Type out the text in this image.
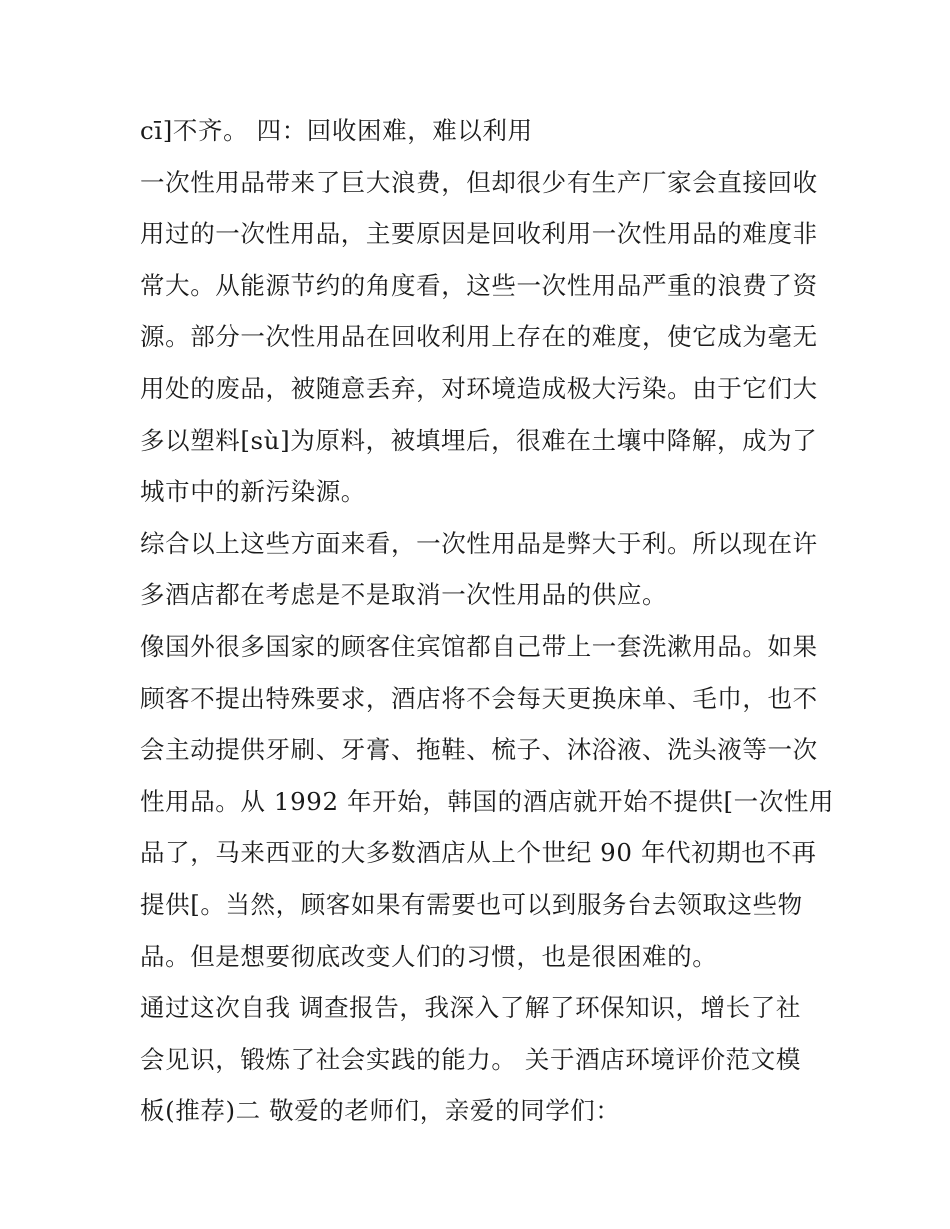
cī]不齐。 四：回收困难，难以利用
一次性用品带来了巨大浪费，但却很少有生产厂家会直接回收
用过的一次性用品，主要原因是回收利用一次性用品的难度非
常大。从能源节约的角度看，这些一次性用品严重的浪费了资
源。部分一次性用品在回收利用上存在的难度，使它成为毫无
用处的废品，被随意丢弃，对环境造成极大污染。由于它们大
多以塑料[sù]为原料，被填埋后，很难在土壤中降解，成为了
城市中的新污染源。
综合以上这些方面来看，一次性用品是弊大于利。所以现在许
多酒店都在考虑是不是取消一次性用品的供应。
像国外很多国家的顾客住宾馆都自己带上一套洗漱用品。如果
顾客不提出特殊要求，酒店将不会每天更换床单、毛巾，也不
会主动提供牙刷、牙膏、拖鞋、梳子、沐浴液、洗头液等一次
性用品。从 1992 年开始，韩国的酒店就开始不提供[一次性用
品了，马来西亚的大多数酒店从上个世纪 90 年代初期也不再
提供[。当然，顾客如果有需要也可以到服务台去领取这些物
品。但是想要彻底改变人们的习惯，也是很困难的。
通过这次自我 调查报告，我深入了解了环保知识，增长了社
会见识，锻炼了社会实践的能力。 关于酒店环境评价范文模
板(推荐)二 敬爱的老师们，亲爱的同学们：
